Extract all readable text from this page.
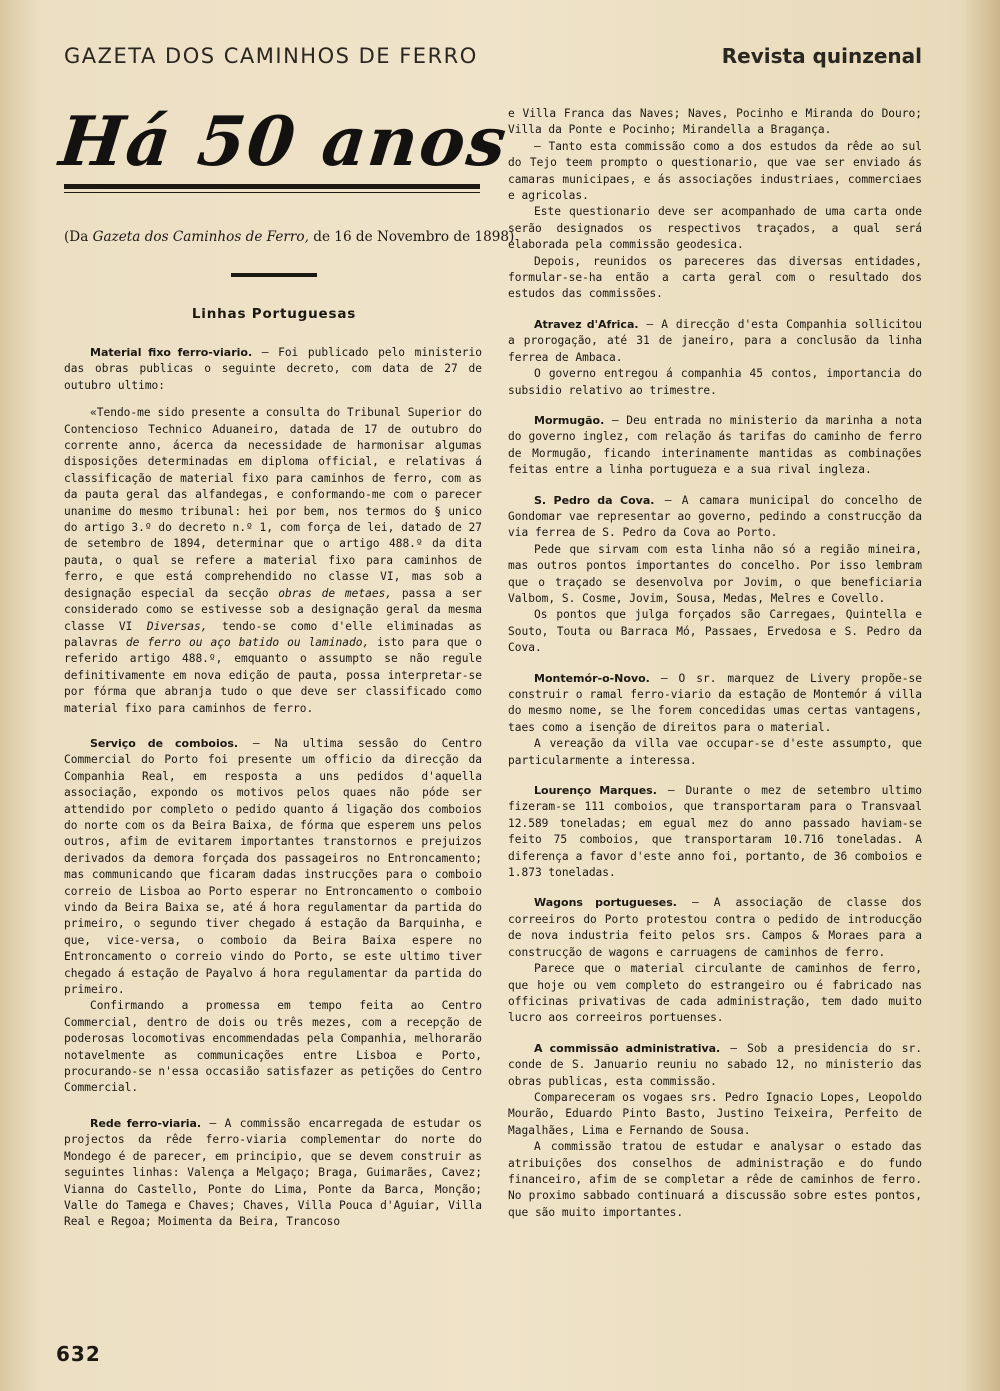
GAZETA DOS CAMINHOS DE FERRO	Revista quinzenal
Há 50 anos
(Da Gazeta dos Caminhos de Ferro, de 16 de Novembro de 1898)
Linhas Portuguesas

Material fixo ferro-viario. — Foi publicado pelo ministerio das obras publicas o seguinte decreto, com data de 27 de outubro ultimo:

«Tendo-me sido presente a consulta do Tribunal Superior do Contencioso Technico Aduaneiro, datada de 17 de outubro do corrente anno, ácerca da necessidade de harmonisar algumas disposições determinadas em diploma official, e relativas á classificação de material fixo para caminhos de ferro, com as da pauta geral das alfandegas, e conformando-me com o parecer unanime do mesmo tribunal: hei por bem, nos termos do § unico do artigo 3.º do decreto n.º 1, com força de lei, datado de 27 de setembro de 1894, determinar que o artigo 488.º da dita pauta, o qual se refere a material fixo para caminhos de ferro, e que está comprehendido no classe VI, mas sob a designação especial da secção obras de metaes, passa a ser considerado como se estivesse sob a designação geral da mesma classe VI Diversas, tendo-se como d'elle eliminadas as palavras de ferro ou aço batido ou laminado, isto para que o referido artigo 488.º, emquanto o assumpto se não regule definitivamente em nova edição de pauta, possa interpretar-se por fórma que abranja tudo o que deve ser classificado como material fixo para caminhos de ferro.

Serviço de comboios. — Na ultima sessão do Centro Commercial do Porto foi presente um officio da direcção da Companhia Real, em resposta a uns pedidos d'aquella associação, expondo os motivos pelos quaes não póde ser attendido por completo o pedido quanto á ligação dos comboios do norte com os da Beira Baixa, de fórma que esperem uns pelos outros, afim de evitarem importantes transtornos e prejuizos derivados da demora forçada dos passageiros no Entroncamento; mas communicando que ficaram dadas instrucções para o comboio correio de Lisboa ao Porto esperar no Entroncamento o comboio vindo da Beira Baixa se, até á hora regulamentar da partida do primeiro, o segundo tiver chegado á estação da Barquinha, e que, vice-versa, o comboio da Beira Baixa espere no Entroncamento o correio vindo do Porto, se este ultimo tiver chegado á estação de Payalvo á hora regulamentar da partida do primeiro.

Confirmando a promessa em tempo feita ao Centro Commercial, dentro de dois ou três mezes, com a recepção de poderosas locomotivas encommendadas pela Companhia, melhorarão notavelmente as communicações entre Lisboa e Porto, procurando-se n'essa occasião satisfazer as petições do Centro Commercial.

Rede ferro-viaria. — A commissão encarregada de estudar os projectos da rêde ferro-viaria complementar do norte do Mondego é de parecer, em principio, que se devem construir as seguintes linhas: Valença a Melgaço; Braga, Guimarães, Cavez; Vianna do Castello, Ponte do Lima, Ponte da Barca, Monção; Valle do Tamega e Chaves; Chaves, Villa Pouca d'Aguiar, Villa Real e Regoa; Moimenta da Beira, Trancoso

e Villa Franca das Naves; Naves, Pocinho e Miranda do Douro; Villa da Ponte e Pocinho; Mirandella a Bragança.

— Tanto esta commissão como a dos estudos da rêde ao sul do Tejo teem prompto o questionario, que vae ser enviado ás camaras municipaes, e ás associações industriaes, commerciaes e agricolas.

Este questionario deve ser acompanhado de uma carta onde serão designados os respectivos traçados, a qual será elaborada pela commissão geodesica.

Depois, reunidos os pareceres das diversas entidades, formular-se-ha então a carta geral com o resultado dos estudos das commissões.

Atravez d'Africa. — A direcção d'esta Companhia sollicitou a prorogação, até 31 de janeiro, para a conclusão da linha ferrea de Ambaca.

O governo entregou á companhia 45 contos, importancia do subsidio relativo ao trimestre.

Mormugão. — Deu entrada no ministerio da marinha a nota do governo inglez, com relação ás tarifas do caminho de ferro de Mormugão, ficando interinamente mantidas as combinações feitas entre a linha portugueza e a sua rival ingleza.

S. Pedro da Cova. — A camara municipal do concelho de Gondomar vae representar ao governo, pedindo a construcção da via ferrea de S. Pedro da Cova ao Porto.

Pede que sirvam com esta linha não só a região mineira, mas outros pontos importantes do concelho. Por isso lembram que o traçado se desenvolva por Jovim, o que beneficiaria Valbom, S. Cosme, Jovim, Sousa, Medas, Melres e Covello.

Os pontos que julga forçados são Carregaes, Quintella e Souto, Touta ou Barraca Mó, Passaes, Ervedosa e S. Pedro da Cova.

Montemór-o-Novo. — O sr. marquez de Livery propõe-se construir o ramal ferro-viario da estação de Montemór á villa do mesmo nome, se lhe forem concedidas umas certas vantagens, taes como a isenção de direitos para o material.

A vereação da villa vae occupar-se d'este assumpto, que particularmente a interessa.

Lourenço Marques. — Durante o mez de setembro ultimo fizeram-se 111 comboios, que transportaram para o Transvaal 12.589 toneladas; em egual mez do anno passado haviam-se feito 75 comboios, que transportaram 10.716 toneladas. A diferença a favor d'este anno foi, portanto, de 36 comboios e 1.873 toneladas.

Wagons portugueses. — A associação de classe dos correeiros do Porto protestou contra o pedido de introducção de nova industria feito pelos srs. Campos & Moraes para a construcção de wagons e carruagens de caminhos de ferro.

Parece que o material circulante de caminhos de ferro, que hoje ou vem completo do estrangeiro ou é fabricado nas officinas privativas de cada administração, tem dado muito lucro aos correeiros portuenses.

A commissão administrativa. — Sob a presidencia do sr. conde de S. Januario reuniu no sabado 12, no ministerio das obras publicas, esta commissão.

Compareceram os vogaes srs. Pedro Ignacio Lopes, Leopoldo Mourão, Eduardo Pinto Basto, Justino Teixeira, Perfeito de Magalhães, Lima e Fernando de Sousa.

A commissão tratou de estudar e analysar o estado das atribuições dos conselhos de administração e do fundo financeiro, afim de se completar a rêde de caminhos de ferro. No proximo sabbado continuará a discussão sobre estes pontos, que são muito importantes.

632
